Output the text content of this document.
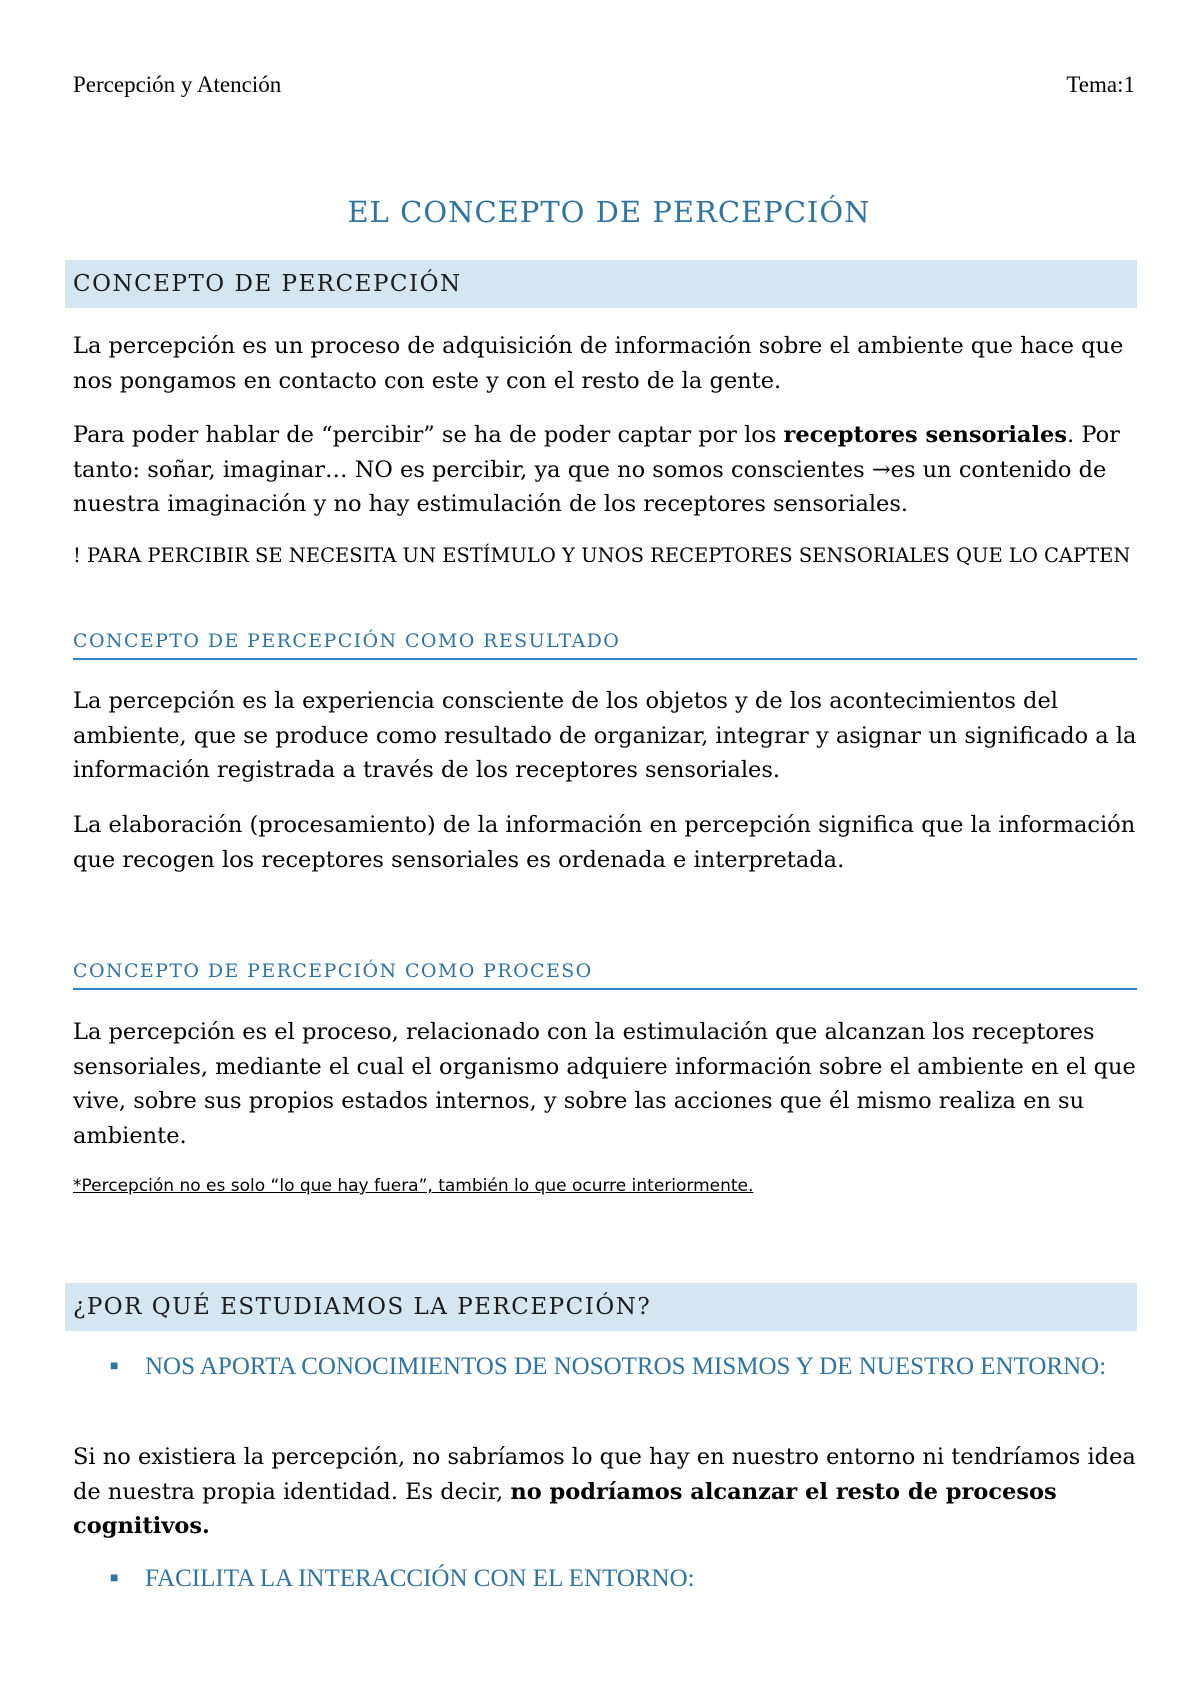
Percepción y Atención	Tema:1
EL CONCEPTO DE PERCEPCIÓN
CONCEPTO DE PERCEPCIÓN
La percepción es un proceso de adquisición de información sobre el ambiente que hace que nos pongamos en contacto con este y con el resto de la gente.
Para poder hablar de “percibir” se ha de poder captar por los receptores sensoriales. Por tanto: soñar, imaginar… NO es percibir, ya que no somos conscientes →es un contenido de nuestra imaginación y no hay estimulación de los receptores sensoriales.
! PARA PERCIBIR SE NECESITA UN ESTÍMULO Y UNOS RECEPTORES SENSORIALES QUE LO CAPTEN
CONCEPTO DE PERCEPCIÓN COMO RESULTADO
La percepción es la experiencia consciente de los objetos y de los acontecimientos del ambiente, que se produce como resultado de organizar, integrar y asignar un significado a la información registrada a través de los receptores sensoriales.
La elaboración (procesamiento) de la información en percepción significa que la información que recogen los receptores sensoriales es ordenada e interpretada.
CONCEPTO DE PERCEPCIÓN COMO PROCESO
La percepción es el proceso, relacionado con la estimulación que alcanzan los receptores sensoriales, mediante el cual el organismo adquiere información sobre el ambiente en el que vive, sobre sus propios estados internos, y sobre las acciones que él mismo realiza en su ambiente.
*Percepción no es solo “lo que hay fuera”, también lo que ocurre interiormente.
¿POR QUÉ ESTUDIAMOS LA PERCEPCIÓN?
■	NOS APORTA CONOCIMIENTOS DE NOSOTROS MISMOS Y DE NUESTRO ENTORNO:
Si no existiera la percepción, no sabríamos lo que hay en nuestro entorno ni tendríamos idea de nuestra propia identidad. Es decir, no podríamos alcanzar el resto de procesos cognitivos.
■	FACILITA LA INTERACCIÓN CON EL ENTORNO:
